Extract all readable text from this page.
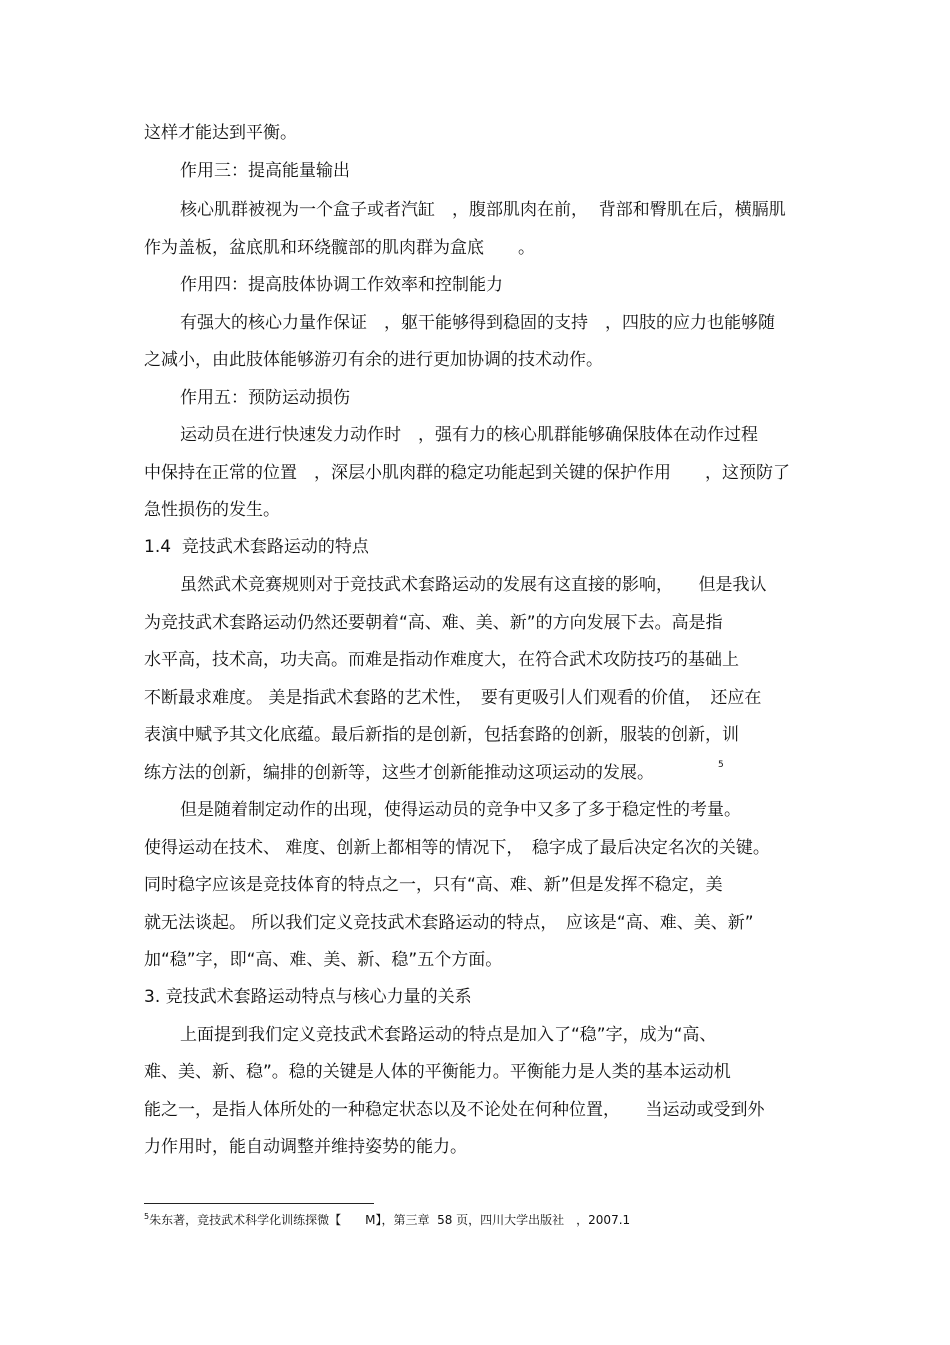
这样才能达到平衡。
作用三：提高能量输出
核心肌群被视为一个盒子或者汽缸　，腹部肌肉在前，  背部和臀肌在后，横膈肌
作为盖板，盆底肌和环绕髋部的肌肉群为盒底　　。
作用四：提高肢体协调工作效率和控制能力
有强大的核心力量作保证　，躯干能够得到稳固的支持　，四肢的应力也能够随
之减小，由此肢体能够游刃有余的进行更加协调的技术动作。
作用五：预防运动损伤
运动员在进行快速发力动作时　，强有力的核心肌群能够确保肢体在动作过程
中保持在正常的位置　，深层小肌肉群的稳定功能起到关键的保护作用　　，这预防了
急性损伤的发生。
1.4  竞技武术套路运动的特点
虽然武术竞赛规则对于竞技武术套路运动的发展有这直接的影响，　　但是我认
为竞技武术套路运动仍然还要朝着“高、难、美、新”的方向发展下去。高是指
水平高，技术高，功夫高。而难是指动作难度大，在符合武术攻防技巧的基础上
不断最求难度。 美是指武术套路的艺术性，　要有更吸引人们观看的价值，　还应在
表演中赋予其文化底蕴。最后新指的是创新，包括套路的创新，服装的创新，训
练方法的创新，编排的创新等，这些才创新能推动这项运动的发展。	5
但是随着制定动作的出现，使得运动员的竞争中又多了多于稳定性的考量。
使得运动在技术、 难度、创新上都相等的情况下，　稳字成了最后决定名次的关键。
同时稳字应该是竞技体育的特点之一，只有“高、难、新”但是发挥不稳定，美
就无法谈起。 所以我们定义竞技武术套路运动的特点，　应该是“高、难、美、新”
加“稳”字，即“高、难、美、新、稳”五个方面。
3. 竞技武术套路运动特点与核心力量的关系
上面提到我们定义竞技武术套路运动的特点是加入了“稳”字，成为“高、
难、美、新、稳”。稳的关键是人体的平衡能力。平衡能力是人类的基本运动机
能之一，是指人体所处的一种稳定状态以及不论处在何种位置，　　当运动或受到外
力作用时，能自动调整并维持姿势的能力。
$^5$朱东著，竞技武术科学化训练探微【　　M】，第三章  58 页，四川大学出版社　，2007.1
